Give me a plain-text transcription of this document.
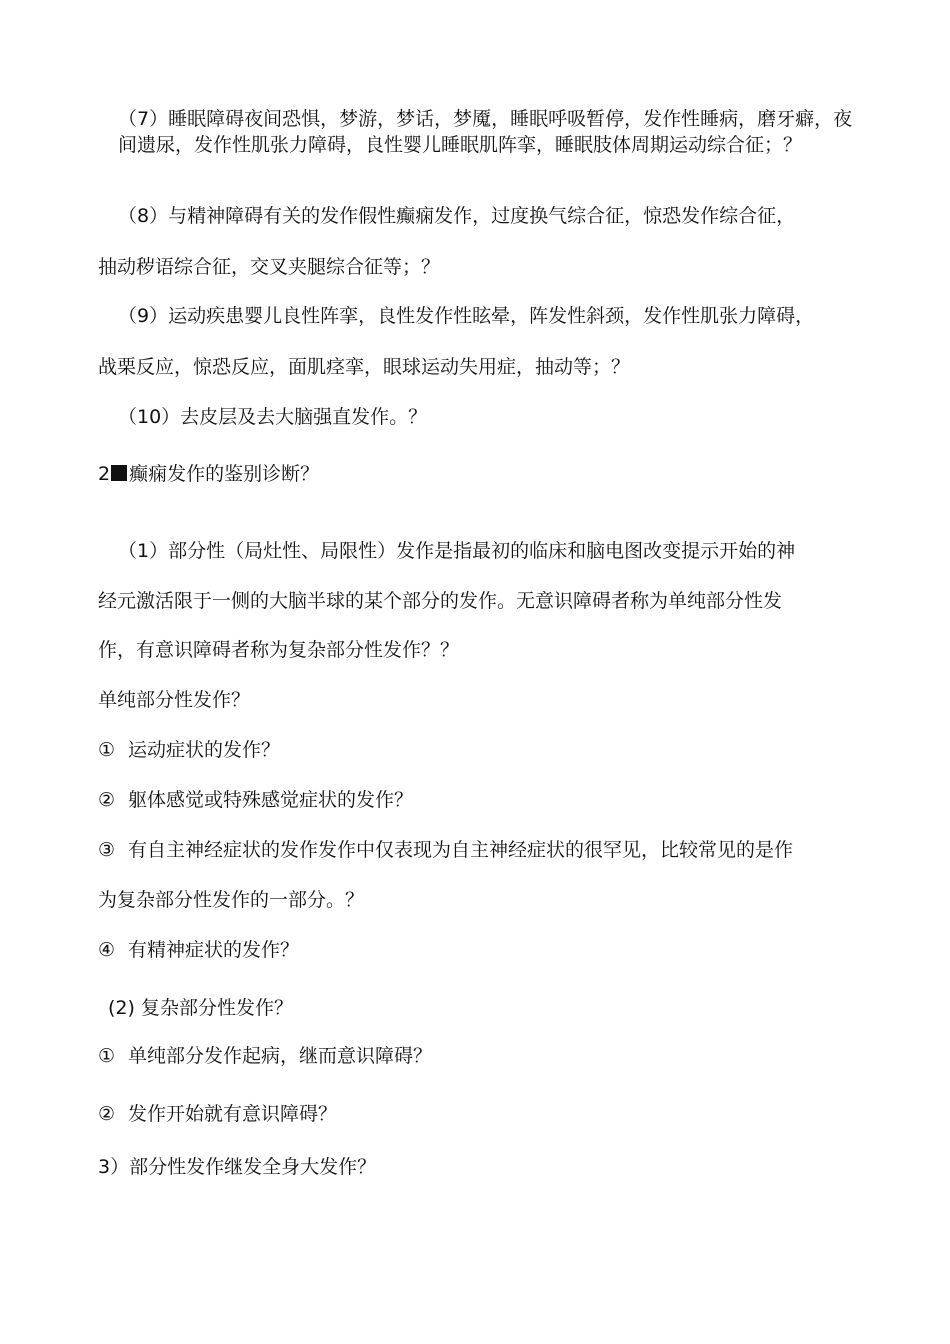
（7）睡眠障碍夜间恐惧，梦游，梦话，梦魇，睡眠呼吸暂停，发作性睡病，磨牙癖，夜间遗尿，发作性肌张力障碍，良性婴儿睡眠肌阵挛，睡眠肢体周期运动综合征；？
（8）与精神障碍有关的发作假性癫痫发作，过度换气综合征，惊恐发作综合征，
抽动秽语综合征，交叉夹腿综合征等；？
（9）运动疾患婴儿良性阵挛，良性发作性眩晕，阵发性斜颈，发作性肌张力障碍，
战栗反应，惊恐反应，面肌痉挛，眼球运动失用症，抽动等；？
（10）去皮层及去大脑强直发作。？
2 癫痫发作的鉴别诊断？
（1）部分性（局灶性、局限性）发作是指最初的临床和脑电图改变提示开始的神
经元激活限于一侧的大脑半球的某个部分的发作。无意识障碍者称为单纯部分性发
作，有意识障碍者称为复杂部分性发作？？
单纯部分性发作？
① 运动症状的发作？
② 躯体感觉或特殊感觉症状的发作？
③ 有自主神经症状的发作发作中仅表现为自主神经症状的很罕见，比较常见的是作
为复杂部分性发作的一部分。？
④ 有精神症状的发作？
(2) 复杂部分性发作？
① 单纯部分发作起病，继而意识障碍？
② 发作开始就有意识障碍？
3）部分性发作继发全身大发作？
